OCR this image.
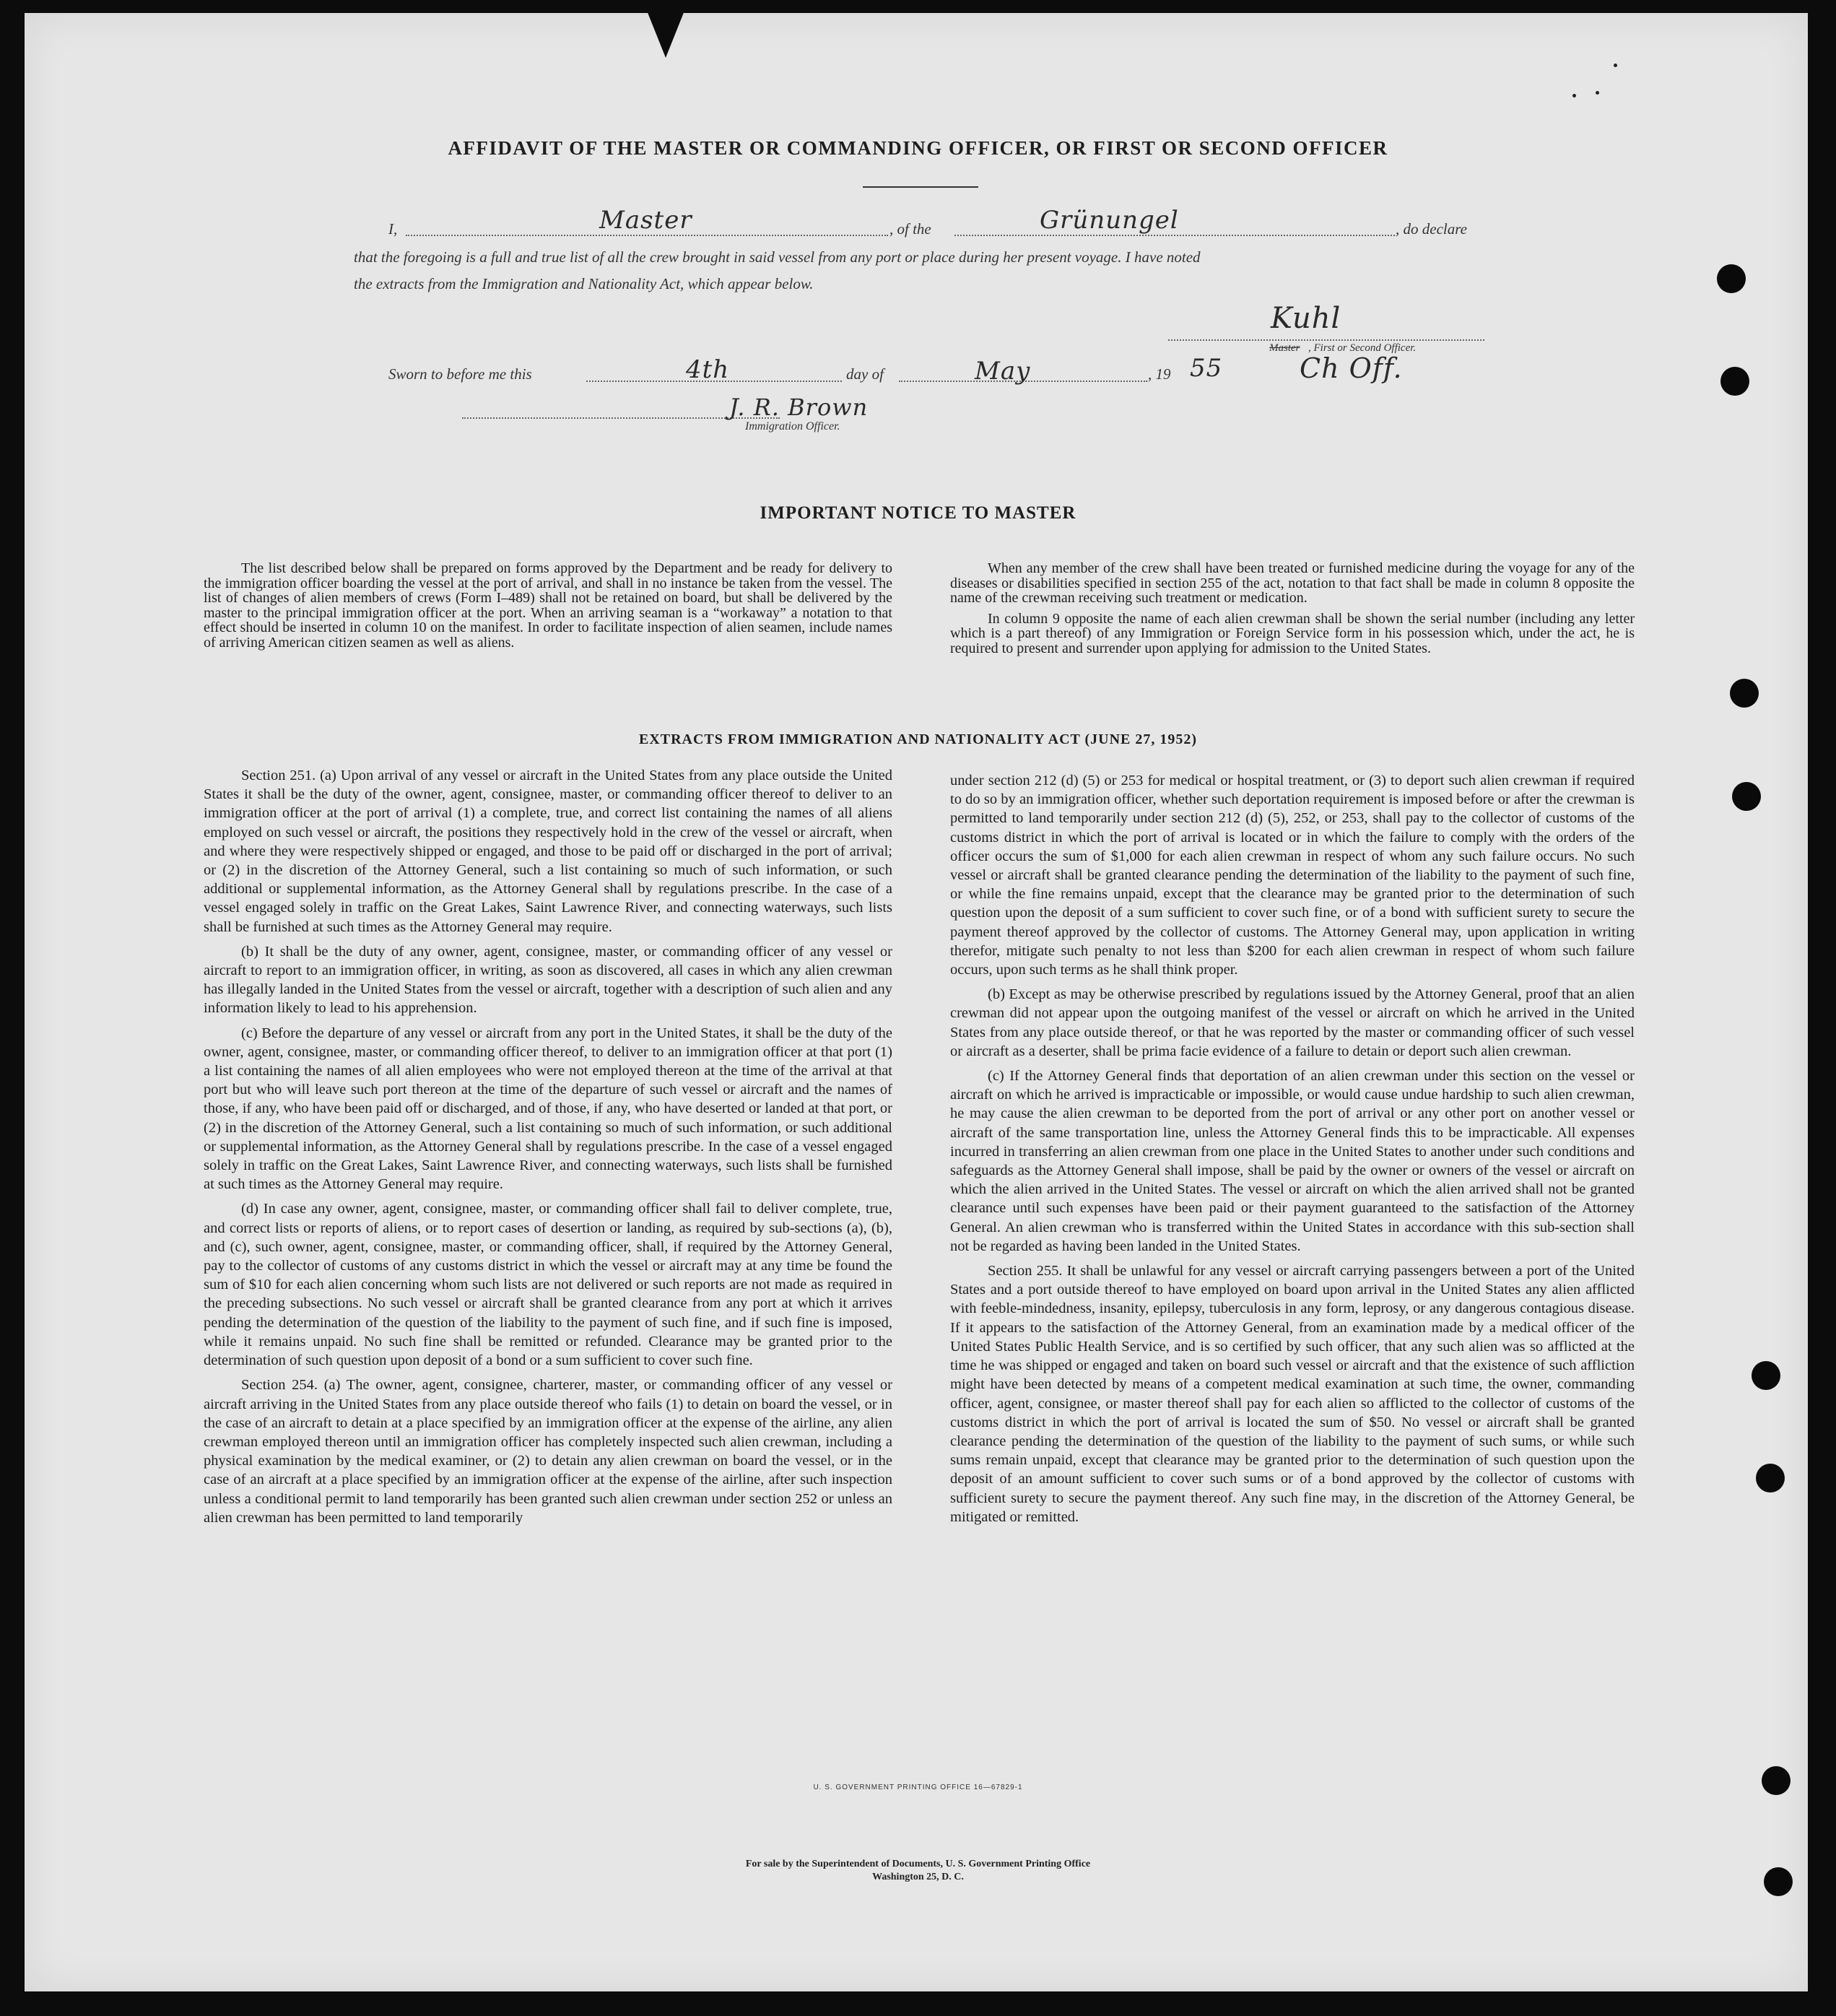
AFFIDAVIT OF THE MASTER OR COMMANDING OFFICER, OR FIRST OR SECOND OFFICER
I,	Master	, of the	Grünungel	, do declare
that the foregoing is a full and true list of all the crew brought in said vessel from any port or place during her present voyage. I have noted
the extracts from the Immigration and Nationality Act, which appear below.
Kuhl
Master , First or Second Officer.
Sworn to before me this	4th	day of	May	, 19 55	Ch Off.
J. R. Brown
Immigration Officer.
IMPORTANT NOTICE TO MASTER

The list described below shall be prepared on forms approved by the Department and be ready for delivery to the immigration officer boarding the vessel at the port of arrival, and shall in no instance be taken from the vessel. The list of changes of alien members of crews (Form I–489) shall not be retained on board, but shall be delivered by the master to the principal immigration officer at the port. When an arriving seaman is a “workaway” a notation to that effect should be inserted in column 10 on the manifest. In order to facilitate inspection of alien seamen, include names of arriving American citizen seamen as well as aliens.

When any member of the crew shall have been treated or furnished medicine during the voyage for any of the diseases or disabilities specified in section 255 of the act, notation to that fact shall be made in column 8 opposite the name of the crewman receiving such treatment or medication.

In column 9 opposite the name of each alien crewman shall be shown the serial number (including any letter which is a part thereof) of any Immigration or Foreign Service form in his possession which, under the act, he is required to present and surrender upon applying for admission to the United States.

EXTRACTS FROM IMMIGRATION AND NATIONALITY ACT (JUNE 27, 1952)

Section 251. (a) Upon arrival of any vessel or aircraft in the United States from any place outside the United States it shall be the duty of the owner, agent, consignee, master, or commanding officer thereof to deliver to an immigration officer at the port of arrival (1) a complete, true, and correct list containing the names of all aliens employed on such vessel or aircraft, the positions they respectively hold in the crew of the vessel or aircraft, when and where they were respectively shipped or engaged, and those to be paid off or discharged in the port of arrival; or (2) in the discretion of the Attorney General, such a list containing so much of such information, or such additional or supplemental information, as the Attorney General shall by regulations prescribe. In the case of a vessel engaged solely in traffic on the Great Lakes, Saint Lawrence River, and connecting waterways, such lists shall be furnished at such times as the Attorney General may require.

(b) It shall be the duty of any owner, agent, consignee, master, or commanding officer of any vessel or aircraft to report to an immigration officer, in writing, as soon as discovered, all cases in which any alien crewman has illegally landed in the United States from the vessel or aircraft, together with a description of such alien and any information likely to lead to his apprehension.

(c) Before the departure of any vessel or aircraft from any port in the United States, it shall be the duty of the owner, agent, consignee, master, or commanding officer thereof, to deliver to an immigration officer at that port (1) a list containing the names of all alien employees who were not employed thereon at the time of the arrival at that port but who will leave such port thereon at the time of the departure of such vessel or aircraft and the names of those, if any, who have been paid off or discharged, and of those, if any, who have deserted or landed at that port, or (2) in the discretion of the Attorney General, such a list containing so much of such information, or such additional or supplemental information, as the Attorney General shall by regulations prescribe. In the case of a vessel engaged solely in traffic on the Great Lakes, Saint Lawrence River, and connecting waterways, such lists shall be furnished at such times as the Attorney General may require.

(d) In case any owner, agent, consignee, master, or commanding officer shall fail to deliver complete, true, and correct lists or reports of aliens, or to report cases of desertion or landing, as required by sub-sections (a), (b), and (c), such owner, agent, consignee, master, or commanding officer, shall, if required by the Attorney General, pay to the collector of customs of any customs district in which the vessel or aircraft may at any time be found the sum of $10 for each alien concerning whom such lists are not delivered or such reports are not made as required in the preceding subsections. No such vessel or aircraft shall be granted clearance from any port at which it arrives pending the determination of the question of the liability to the payment of such fine, and if such fine is imposed, while it remains unpaid. No such fine shall be remitted or refunded. Clearance may be granted prior to the determination of such question upon deposit of a bond or a sum sufficient to cover such fine.

Section 254. (a) The owner, agent, consignee, charterer, master, or commanding officer of any vessel or aircraft arriving in the United States from any place outside thereof who fails (1) to detain on board the vessel, or in the case of an aircraft to detain at a place specified by an immigration officer at the expense of the airline, any alien crewman employed thereon until an immigration officer has completely inspected such alien crewman, including a physical examination by the medical examiner, or (2) to detain any alien crewman on board the vessel, or in the case of an aircraft at a place specified by an immigration officer at the expense of the airline, after such inspection unless a conditional permit to land temporarily has been granted such alien crewman under section 252 or unless an alien crewman has been permitted to land temporarily

under section 212 (d) (5) or 253 for medical or hospital treatment, or (3) to deport such alien crewman if required to do so by an immigration officer, whether such deportation requirement is imposed before or after the crewman is permitted to land temporarily under section 212 (d) (5), 252, or 253, shall pay to the collector of customs of the customs district in which the port of arrival is located or in which the failure to comply with the orders of the officer occurs the sum of $1,000 for each alien crewman in respect of whom any such failure occurs. No such vessel or aircraft shall be granted clearance pending the determination of the liability to the payment of such fine, or while the fine remains unpaid, except that the clearance may be granted prior to the determination of such question upon the deposit of a sum sufficient to cover such fine, or of a bond with sufficient surety to secure the payment thereof approved by the collector of customs. The Attorney General may, upon application in writing therefor, mitigate such penalty to not less than $200 for each alien crewman in respect of whom such failure occurs, upon such terms as he shall think proper.

(b) Except as may be otherwise prescribed by regulations issued by the Attorney General, proof that an alien crewman did not appear upon the outgoing manifest of the vessel or aircraft on which he arrived in the United States from any place outside thereof, or that he was reported by the master or commanding officer of such vessel or aircraft as a deserter, shall be prima facie evidence of a failure to detain or deport such alien crewman.

(c) If the Attorney General finds that deportation of an alien crewman under this section on the vessel or aircraft on which he arrived is impracticable or impossible, or would cause undue hardship to such alien crewman, he may cause the alien crewman to be deported from the port of arrival or any other port on another vessel or aircraft of the same transportation line, unless the Attorney General finds this to be impracticable. All expenses incurred in transferring an alien crewman from one place in the United States to another under such conditions and safeguards as the Attorney General shall impose, shall be paid by the owner or owners of the vessel or aircraft on which the alien arrived in the United States. The vessel or aircraft on which the alien arrived shall not be granted clearance until such expenses have been paid or their payment guaranteed to the satisfaction of the Attorney General. An alien crewman who is transferred within the United States in accordance with this sub-section shall not be regarded as having been landed in the United States.

Section 255. It shall be unlawful for any vessel or aircraft carrying passengers between a port of the United States and a port outside thereof to have employed on board upon arrival in the United States any alien afflicted with feeble-mindedness, insanity, epilepsy, tuberculosis in any form, leprosy, or any dangerous contagious disease. If it appears to the satisfaction of the Attorney General, from an examination made by a medical officer of the United States Public Health Service, and is so certified by such officer, that any such alien was so afflicted at the time he was shipped or engaged and taken on board such vessel or aircraft and that the existence of such affliction might have been detected by means of a competent medical examination at such time, the owner, commanding officer, agent, consignee, or master thereof shall pay for each alien so afflicted to the collector of customs of the customs district in which the port of arrival is located the sum of $50. No vessel or aircraft shall be granted clearance pending the determination of the question of the liability to the payment of such sums, or while such sums remain unpaid, except that clearance may be granted prior to the determination of such question upon the deposit of an amount sufficient to cover such sums or of a bond approved by the collector of customs with sufficient surety to secure the payment thereof. Any such fine may, in the discretion of the Attorney General, be mitigated or remitted.

U. S. GOVERNMENT PRINTING OFFICE 16—67829-1
For sale by the Superintendent of Documents, U. S. Government Printing Office
Washington 25, D. C.
